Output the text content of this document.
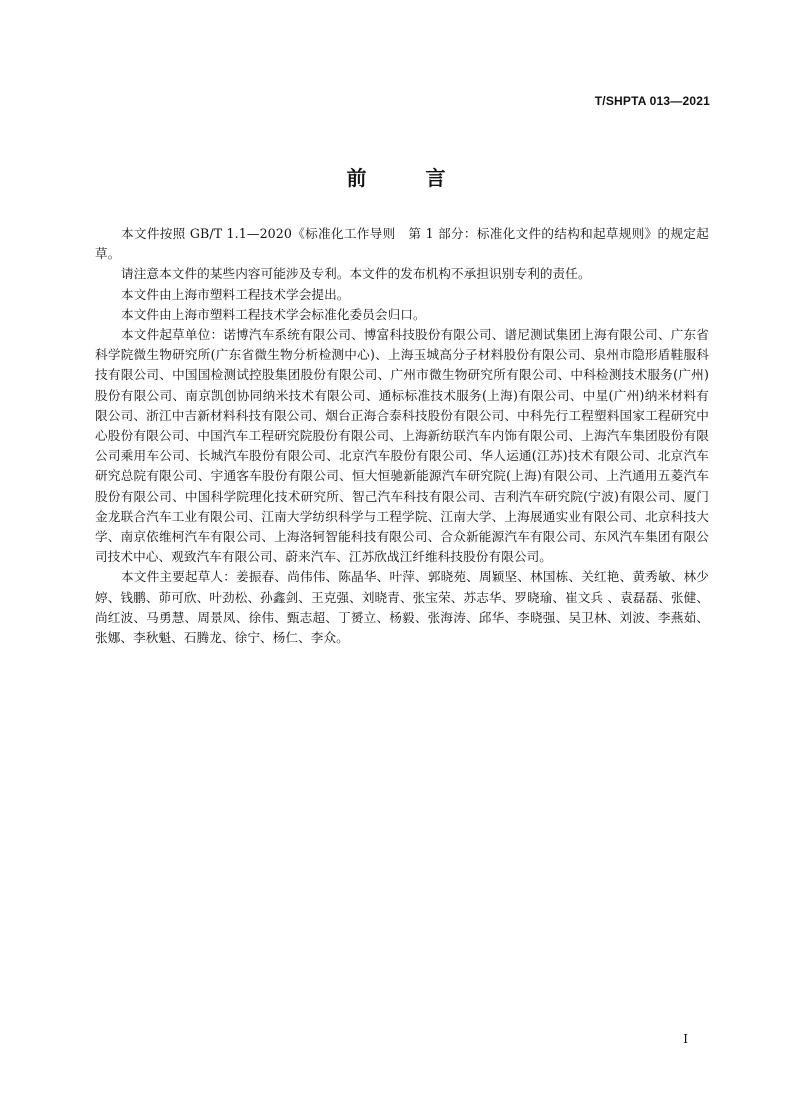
T/SHPTA 013—2021
前 言

本文件按照 GB/T 1.1—2020《标准化工作导则　第 1 部分：标准化文件的结构和起草规则》的规定起草。

请注意本文件的某些内容可能涉及专利。本文件的发布机构不承担识别专利的责任。

本文件由上海市塑料工程技术学会提出。

本文件由上海市塑料工程技术学会标准化委员会归口。

本文件起草单位：诺博汽车系统有限公司、博富科技股份有限公司、谱尼测试集团上海有限公司、广东省科学院微生物研究所(广东省微生物分析检测中心)、上海玉城高分子材料股份有限公司、泉州市隐形盾鞋服科技有限公司、中国国检测试控股集团股份有限公司、广州市微生物研究所有限公司、中科检测技术服务(广州)股份有限公司、南京凯创协同纳米技术有限公司、通标标准技术服务(上海)有限公司、中星(广州)纳米材料有限公司、浙江中吉新材料科技有限公司、烟台正海合泰科技股份有限公司、中科先行工程塑料国家工程研究中心股份有限公司、中国汽车工程研究院股份有限公司、上海新纺联汽车内饰有限公司、上海汽车集团股份有限公司乘用车公司、长城汽车股份有限公司、北京汽车股份有限公司、华人运通(江苏)技术有限公司、北京汽车研究总院有限公司、宇通客车股份有限公司、恒大恒驰新能源汽车研究院(上海)有限公司、上汽通用五菱汽车股份有限公司、中国科学院理化技术研究所、智己汽车科技有限公司、吉利汽车研究院(宁波)有限公司、厦门金龙联合汽车工业有限公司、江南大学纺织科学与工程学院、江南大学、上海展通实业有限公司、北京科技大学、南京依维柯汽车有限公司、上海洛轲智能科技有限公司、合众新能源汽车有限公司、东风汽车集团有限公司技术中心、观致汽车有限公司、蔚来汽车、江苏欣战江纤维科技股份有限公司。

本文件主要起草人：姜振春、尚伟伟、陈晶华、叶萍、郭晓苑、周颖坚、林国栋、关红艳、黄秀敏、林少婷、钱鹏、茆可欣、叶劲松、孙鑫剑、王克强、刘晓青、张宝荣、苏志华、罗晓瑜、崔文兵 、袁磊磊、张健、尚红波、马勇慧、周景凤、徐伟、甄志超、丁赟立、杨毅、张海涛、邱华、李晓强、吴卫林、刘波、李燕茹、张娜、李秋魁、石腾龙、徐宁、杨仁、李众。

I
